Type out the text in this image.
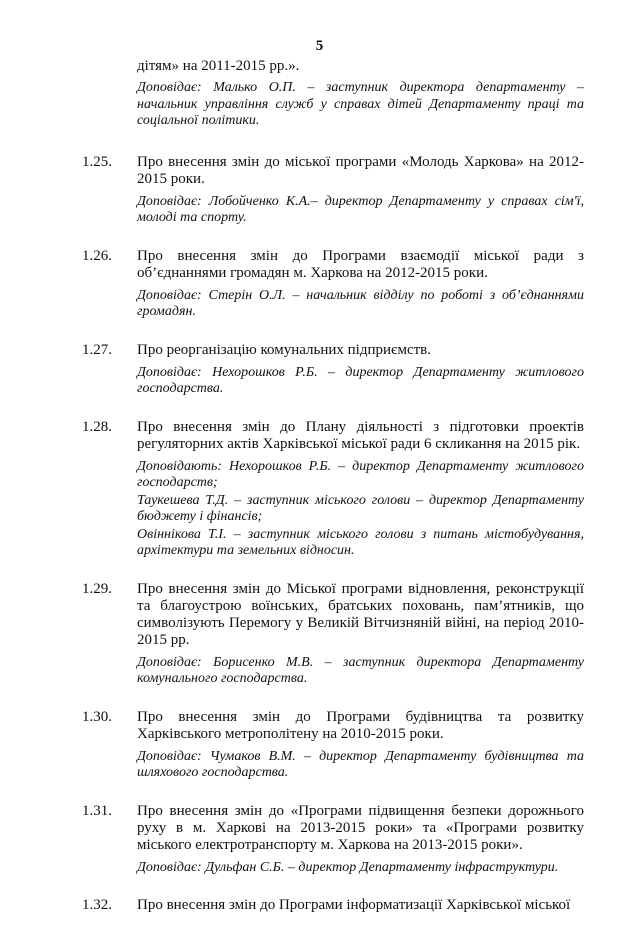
5
дітям» на 2011-2015 рр.».
Доповідає: Малько О.П. – заступник директора департаменту – начальник управління служб у справах дітей Департаменту праці та соціальної політики.
1.25. Про внесення змін до міської програми «Молодь Харкова» на 2012-2015 роки.
Доповідає: Лобойченко К.А.– директор Департаменту у справах сім'ї, молоді та спорту.
1.26. Про внесення змін до Програми взаємодії міської ради з об’єднаннями громадян м. Харкова на 2012-2015 роки.
Доповідає: Стерін О.Л. – начальник відділу по роботі з об’єднаннями громадян.
1.27. Про реорганізацію комунальних підприємств.
Доповідає: Нехорошков Р.Б. – директор Департаменту житлового господарства.
1.28. Про внесення змін до Плану діяльності з підготовки проектів регуляторних актів Харківської міської ради 6 скликання на 2015 рік.
Доповідають: Нехорошков Р.Б. – директор Департаменту житлового господарств;
Таукешева Т.Д. – заступник міського голови – директор Департаменту бюджету і фінансів;
Овіннікова Т.І. – заступник міського голови з питань містобудування, архітектури та земельних відносин.
1.29. Про внесення змін до Міської програми відновлення, реконструкції та благоустрою воїнських, братських поховань, пам’ятників, що символізують Перемогу у Великій Вітчизняній війні, на період 2010-2015 рр.
Доповідає: Борисенко М.В. – заступник директора Департаменту комунального господарства.
1.30. Про внесення змін до Програми будівництва та розвитку Харківського метрополітену на 2010-2015 роки.
Доповідає: Чумаков В.М. – директор Департаменту будівництва та шляхового господарства.
1.31. Про внесення змін до «Програми підвищення безпеки дорожнього руху в м. Харкові на 2013-2015 роки» та «Програми розвитку міського електротранспорту м. Харкова на 2013-2015 роки».
Доповідає: Дульфан С.Б. – директор Департаменту інфраструктури.
1.32. Про внесення змін до Програми інформатизації Харківської міської
